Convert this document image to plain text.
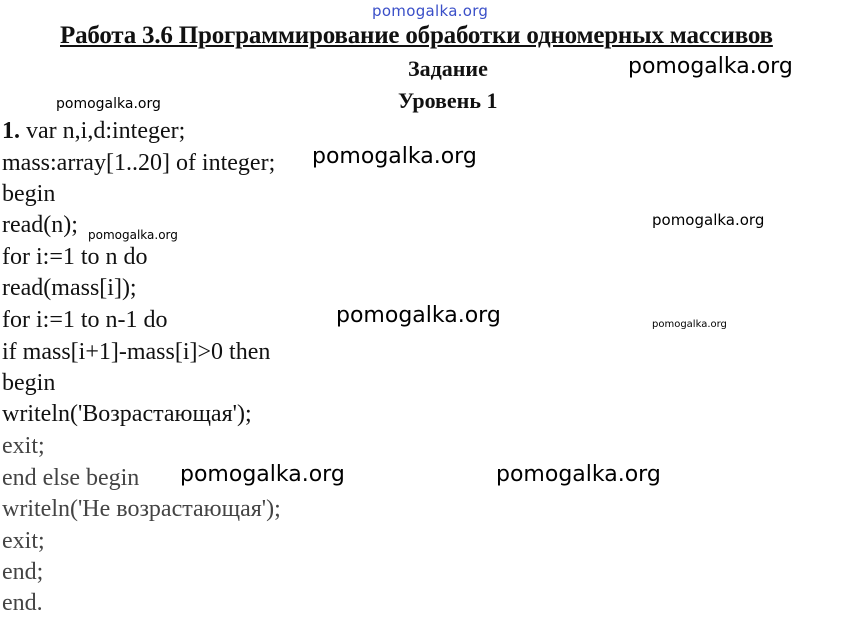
pomogalka.org
Работа 3.6 Программирование обработки одномерных массивов
Задание
Уровень 1
pomogalka.org
pomogalka.org
1. var n,i,d:integer;
mass:array[1..20] of integer;
begin
read(n);
for i:=1 to n do
read(mass[i]);
for i:=1 to n-1 do
if mass[i+1]-mass[i]>0 then
begin
writeln('Возрастающая');
exit;
end else begin
writeln('Не возрастающая');
exit;
end;
end.
pomogalka.org
pomogalka.org
pomogalka.org
pomogalka.org	pomogalka.org
pomogalka.org	pomogalka.org
